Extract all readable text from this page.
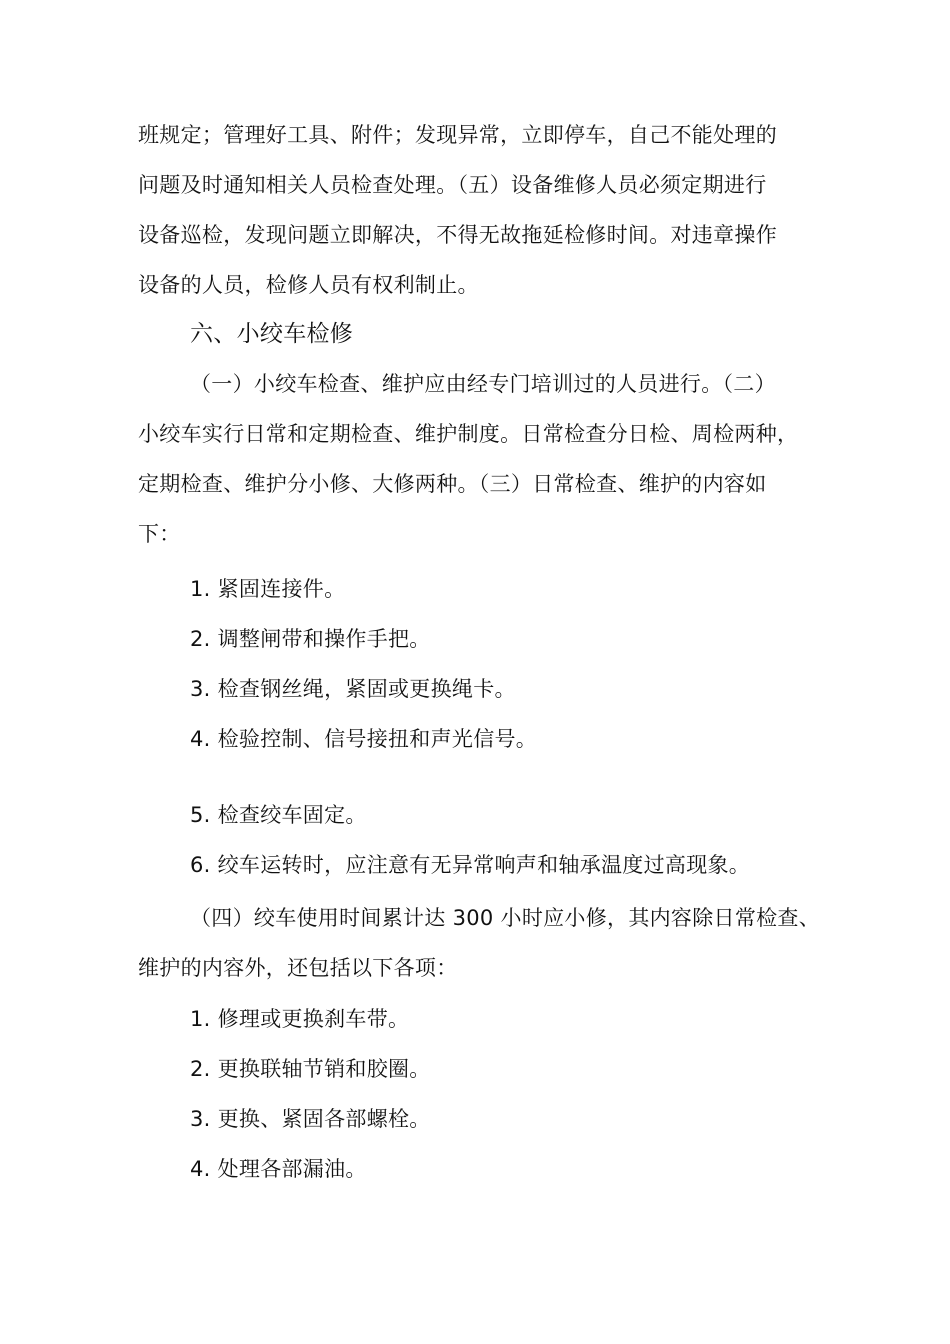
班规定；管理好工具、附件；发现异常，立即停车，自己不能处理的
问题及时通知相关人员检查处理。（五）设备维修人员必须定期进行
设备巡检，发现问题立即解决，不得无故拖延检修时间。对违章操作
设备的人员，检修人员有权利制止。
六、小绞车检修
（一）小绞车检查、维护应由经专门培训过的人员进行。（二）
小绞车实行日常和定期检查、维护制度。日常检查分日检、周检两种，
定期检查、维护分小修、大修两种。（三）日常检查、维护的内容如
下：
1. 紧固连接件。
2. 调整闸带和操作手把。
3. 检查钢丝绳，紧固或更换绳卡。
4. 检验控制、信号接扭和声光信号。
5. 检查绞车固定。
6. 绞车运转时，应注意有无异常响声和轴承温度过高现象。
（四）绞车使用时间累计达 300 小时应小修，其内容除日常检查、
维护的内容外，还包括以下各项：
1. 修理或更换刹车带。
2. 更换联轴节销和胶圈。
3. 更换、紧固各部螺栓。
4. 处理各部漏油。
